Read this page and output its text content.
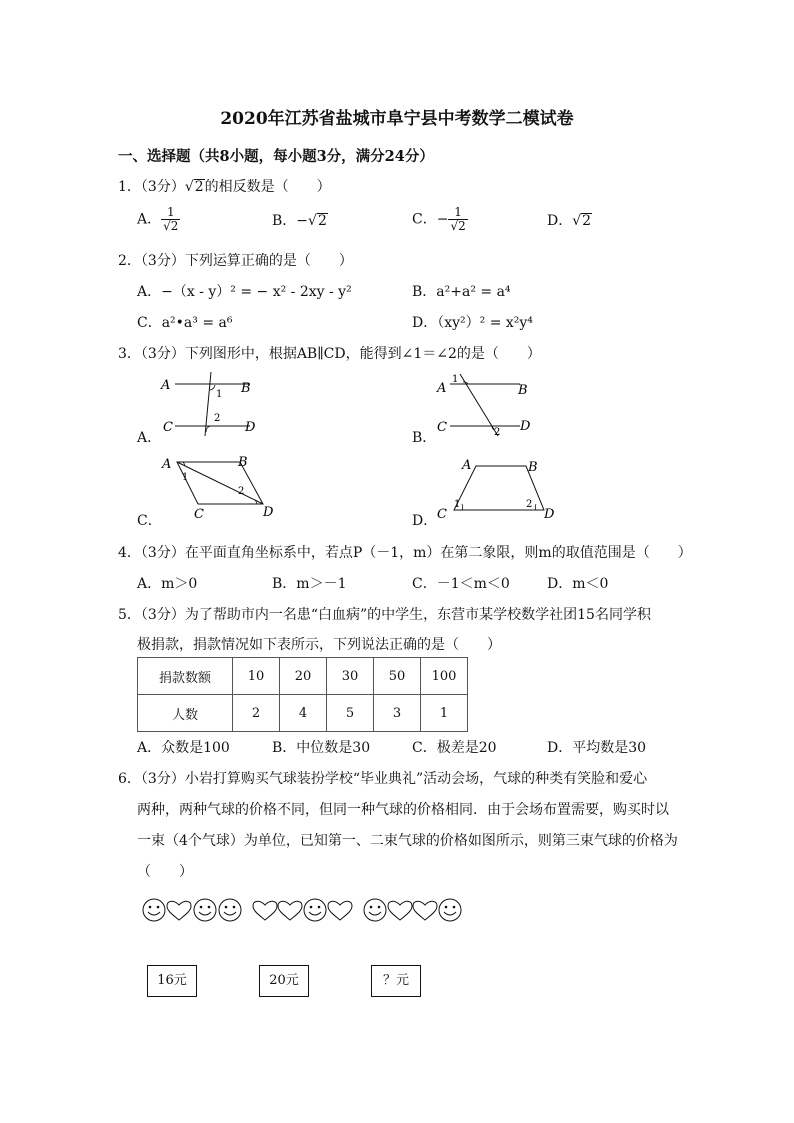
2020年江苏省盐城市阜宁县中考数学二模试卷
一、选择题（共8小题，每小题3分，满分24分）
1．（3分）√2的相反数是（　　）
A． $\frac{1}{√2}$	B．−√2	C．− $\frac{1}{√2}$	D．√2
2．（3分）下列运算正确的是（　　）
A．−（x - y）² = − x² - 2xy - y²	B．a²+a² = a⁴
C．a²•a³ = a⁶	D．（xy²）² = x²y⁴
3．（3分）下列图形中，根据AB∥CD，能得到∠1＝∠2的是（　　）
A．	B．
C．	D．
A	B
C	D
1
2
A	B
C	D
1
2
A	B
C	D
1
2
A	B
C	D
1	2
4．（3分）在平面直角坐标系中，若点P（－1，m）在第二象限，则m的取值范围是（　　）
A．m＞0	B．m＞－1	C．－1＜m＜0	D．m＜0
5．（3分）为了帮助市内一名患“白血病”的中学生，东营市某学校数学社团15名同学积
极捐款，捐款情况如下表所示，下列说法正确的是（　　）
捐款数额	10	20	30	50	100
人数	2	4	5	3	1
A．众数是100	B．中位数是30	C．极差是20	D．平均数是30
6．（3分）小岩打算购买气球装扮学校“毕业典礼”活动会场，气球的种类有笑脸和爱心
两种，两种气球的价格不同，但同一种气球的价格相同．由于会场布置需要，购买时以
一束（4个气球）为单位，已知第一、二束气球的价格如图所示，则第三束气球的价格为
（　　）
16元	20元	？元
